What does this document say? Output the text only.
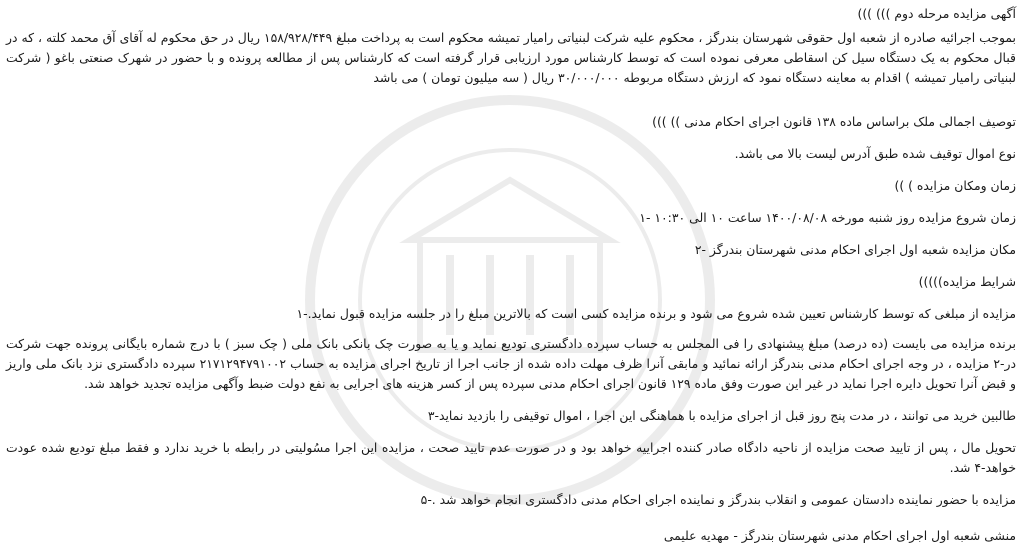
آگهی مزایده مرحله دوم ))) )))
بموجب اجرائیه صادره از شعبه اول حقوقی شهرستان بندرگز ، محکوم علیه شرکت لبنیاتی رامیار تمیشه محکوم است به پرداخت مبلغ ۱۵۸/۹۲۸/۴۴۹ ریال در حق محکوم له آقای آق محمد کلته ، که در قبال محکوم به یک دستگاه سیل کن اسقاطی معرفی نموده است که توسط کارشناس مورد ارزیابی قرار گرفته است که کارشناس پس از مطالعه پرونده و با حضور در شهرک صنعتی باغو ( شرکت لبنیاتی رامیار تمیشه ) اقدام به معاینه دستگاه نمود که ارزش دستگاه مربوطه ۳۰/۰۰۰/۰۰۰ ریال ( سه میلیون تومان ) می باشد
توصیف اجمالی ملک براساس ماده ۱۳۸ قانون اجرای احکام مدنی )) )))
نوع اموال توقیف شده طبق آدرس لیست بالا می باشد.
زمان ومکان مزایده ) ))
زمان شروع مزایده روز شنبه مورخه ۱۴۰۰/۰۸/۰۸ ساعت ۱۰ الی ۱۰:۳۰ -۱
مکان مزایده شعبه اول اجرای احکام مدنی شهرستان بندرگز -۲
شرایط مزایده)))))
مزایده از مبلغی که توسط کارشناس تعیین شده شروع می شود و برنده مزایده کسی است که بالاترین مبلغ را در جلسه مزایده قبول نماید.-۱
برنده مزایده می بایست (ده درصد) مبلغ پیشنهادی را فی المجلس به حساب سپرده دادگستری تودیع نماید و یا به صورت چک بانکی بانک ملی ( چک سبز ) با درج شماره بایگانی پرونده جهت شرکت در-۲ مزایده ، در وجه اجرای احکام مدنی بندرگز ارائه نمائید و مابقی آنرا ظرف مهلت داده شده از جانب اجرا از تاریخ اجرای مزایده به حساب ۲۱۷۱۲۹۴۷۹۱۰۰۲ سپرده دادگستری نزد بانک ملی واریز و قبض آنرا تحویل دایره اجرا نماید در غیر این صورت وفق ماده ۱۲۹ قانون اجرای احکام مدنی سپرده پس از کسر هزینه های اجرایی به نفع دولت ضبط وآگهی مزایده تجدید خواهد شد.
طالبین خرید می توانند ، در مدت پنج روز قبل از اجرای مزایده با هماهنگی این اجرا ، اموال توقیفی را بازدید نماید-۳
تحویل مال ، پس از تایید صحت مزایده از ناحیه دادگاه صادر کننده اجراییه خواهد بود و در صورت عدم تایید صحت ، مزایده این اجرا مسُولیتی در رابطه با خرید ندارد و فقط مبلغ تودیع شده عودت خواهد-۴ شد.
مزایده با حضور نماینده دادستان عمومی و انقلاب بندرگز و نماینده اجرای احکام مدنی دادگستری انجام خواهد شد .-۵
منشی شعبه اول اجرای احکام مدنی شهرستان بندرگز - مهدیه علیمی
